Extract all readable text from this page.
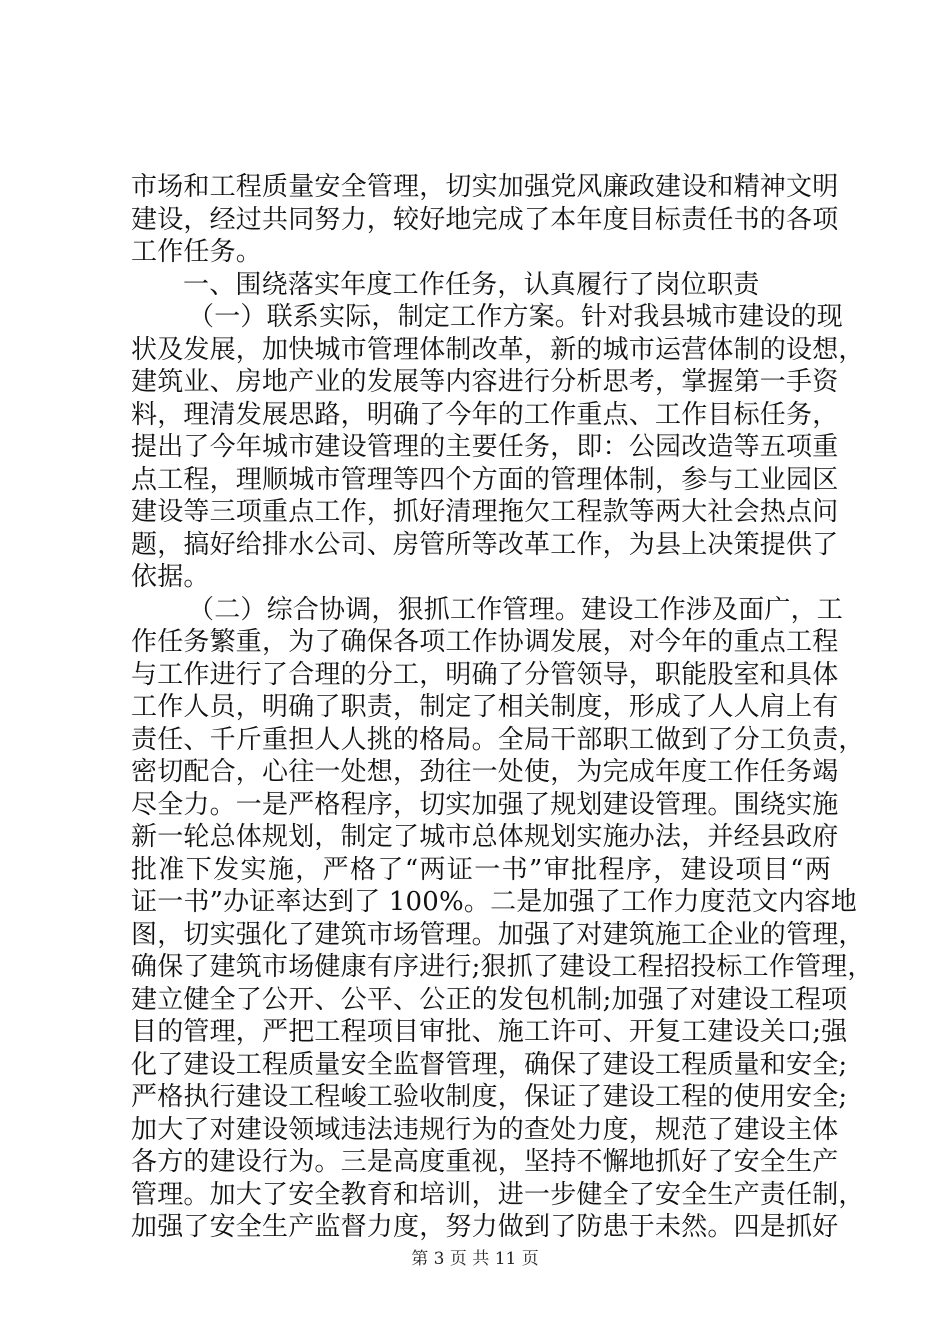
市场和工程质量安全管理，切实加强党风廉政建设和精神文明
建设，经过共同努力，较好地完成了本年度目标责任书的各项
工作任务。
一、围绕落实年度工作任务，认真履行了岗位职责
（一）联系实际，制定工作方案。针对我县城市建设的现
状及发展，加快城市管理体制改革，新的城市运营体制的设想，
建筑业、房地产业的发展等内容进行分析思考，掌握第一手资
料，理清发展思路，明确了今年的工作重点、工作目标任务，
提出了今年城市建设管理的主要任务，即：公园改造等五项重
点工程，理顺城市管理等四个方面的管理体制，参与工业园区
建设等三项重点工作，抓好清理拖欠工程款等两大社会热点问
题，搞好给排水公司、房管所等改革工作，为县上决策提供了
依据。
（二）综合协调，狠抓工作管理。建设工作涉及面广，工
作任务繁重，为了确保各项工作协调发展，对今年的重点工程
与工作进行了合理的分工，明确了分管领导，职能股室和具体
工作人员，明确了职责，制定了相关制度，形成了人人肩上有
责任、千斤重担人人挑的格局。全局干部职工做到了分工负责，
密切配合，心往一处想，劲往一处使，为完成年度工作任务竭
尽全力。一是严格程序，切实加强了规划建设管理。围绕实施
新一轮总体规划，制定了城市总体规划实施办法，并经县政府
批准下发实施，严格了“两证一书”审批程序，建设项目“两
证一书”办证率达到了 100%。二是加强了工作力度范文内容地
图，切实强化了建筑市场管理。加强了对建筑施工企业的管理，
确保了建筑市场健康有序进行;狠抓了建设工程招投标工作管理，
建立健全了公开、公平、公正的发包机制;加强了对建设工程项
目的管理，严把工程项目审批、施工许可、开复工建设关口;强
化了建设工程质量安全监督管理，确保了建设工程质量和安全;
严格执行建设工程峻工验收制度，保证了建设工程的使用安全;
加大了对建设领域违法违规行为的查处力度，规范了建设主体
各方的建设行为。三是高度重视，坚持不懈地抓好了安全生产
管理。加大了安全教育和培训，进一步健全了安全生产责任制，
加强了安全生产监督力度，努力做到了防患于未然。四是抓好
第 3 页 共 11 页
